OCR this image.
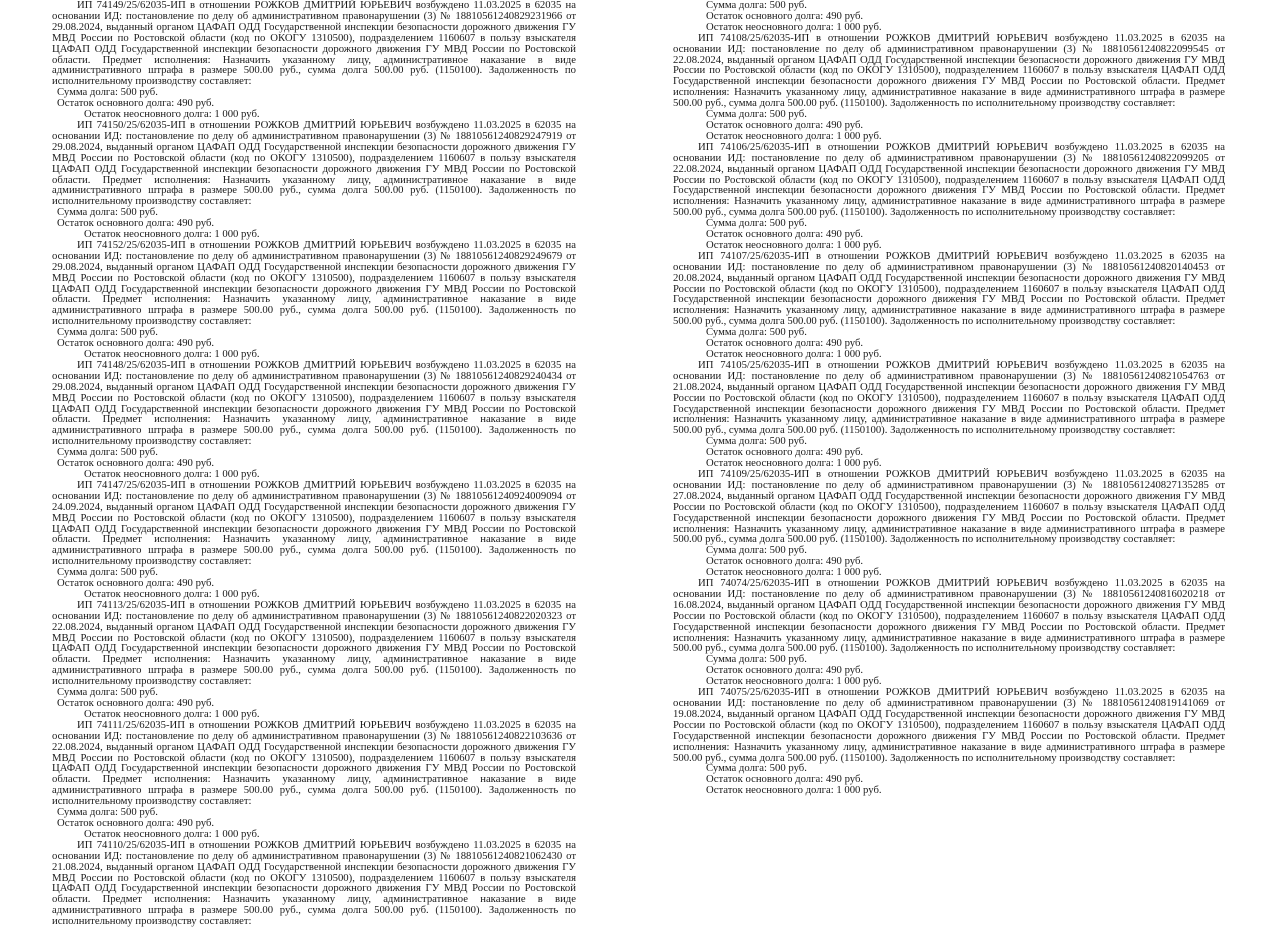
ИП 74149/25/62035-ИП в отношении РОЖКОВ ДМИТРИЙ ЮРЬЕВИЧ возбуждено 11.03.2025 в 62035 на основании ИД: постановление по делу об административном правонарушении (3) № 18810561240829231966 от 29.08.2024, выданный органом ЦАФАП ОДД Государственной инспекции безопасности дорожного движения ГУ МВД России по Ростовской области (код по ОКОГУ 1310500), подразделением 1160607 в пользу взыскателя ЦАФАП ОДД Государственной инспекции безопасности дорожного движения ГУ МВД России по Ростовской области. Предмет исполнения: Назначить указанному лицу, административное наказание в виде административного штрафа в размере 500.00 руб., сумма долга 500.00 руб. (1150100). Задолженность по исполнительному производству составляет:

Сумма долга: 500 руб.

Остаток основного долга: 490 руб.

Остаток неосновного долга: 1 000 руб.

ИП 74150/25/62035-ИП в отношении РОЖКОВ ДМИТРИЙ ЮРЬЕВИЧ возбуждено 11.03.2025 в 62035 на основании ИД: постановление по делу об административном правонарушении (3) № 18810561240829247919 от 29.08.2024, выданный органом ЦАФАП ОДД Государственной инспекции безопасности дорожного движения ГУ МВД России по Ростовской области (код по ОКОГУ 1310500), подразделением 1160607 в пользу взыскателя ЦАФАП ОДД Государственной инспекции безопасности дорожного движения ГУ МВД России по Ростовской области. Предмет исполнения: Назначить указанному лицу, административное наказание в виде административного штрафа в размере 500.00 руб., сумма долга 500.00 руб. (1150100). Задолженность по исполнительному производству составляет:

Сумма долга: 500 руб.

Остаток основного долга: 490 руб.

Остаток неосновного долга: 1 000 руб.

ИП 74152/25/62035-ИП в отношении РОЖКОВ ДМИТРИЙ ЮРЬЕВИЧ возбуждено 11.03.2025 в 62035 на основании ИД: постановление по делу об административном правонарушении (3) № 18810561240829249679 от 29.08.2024, выданный органом ЦАФАП ОДД Государственной инспекции безопасности дорожного движения ГУ МВД России по Ростовской области (код по ОКОГУ 1310500), подразделением 1160607 в пользу взыскателя ЦАФАП ОДД Государственной инспекции безопасности дорожного движения ГУ МВД России по Ростовской области. Предмет исполнения: Назначить указанному лицу, административное наказание в виде административного штрафа в размере 500.00 руб., сумма долга 500.00 руб. (1150100). Задолженность по исполнительному производству составляет:

Сумма долга: 500 руб.

Остаток основного долга: 490 руб.

Остаток неосновного долга: 1 000 руб.

ИП 74148/25/62035-ИП в отношении РОЖКОВ ДМИТРИЙ ЮРЬЕВИЧ возбуждено 11.03.2025 в 62035 на основании ИД: постановление по делу об административном правонарушении (3) № 18810561240829240434 от 29.08.2024, выданный органом ЦАФАП ОДД Государственной инспекции безопасности дорожного движения ГУ МВД России по Ростовской области (код по ОКОГУ 1310500), подразделением 1160607 в пользу взыскателя ЦАФАП ОДД Государственной инспекции безопасности дорожного движения ГУ МВД России по Ростовской области. Предмет исполнения: Назначить указанному лицу, административное наказание в виде административного штрафа в размере 500.00 руб., сумма долга 500.00 руб. (1150100). Задолженность по исполнительному производству составляет:

Сумма долга: 500 руб.

Остаток основного долга: 490 руб.

Остаток неосновного долга: 1 000 руб.

ИП 74147/25/62035-ИП в отношении РОЖКОВ ДМИТРИЙ ЮРЬЕВИЧ возбуждено 11.03.2025 в 62035 на основании ИД: постановление по делу об административном правонарушении (3) № 18810561240924009094 от 24.09.2024, выданный органом ЦАФАП ОДД Государственной инспекции безопасности дорожного движения ГУ МВД России по Ростовской области (код по ОКОГУ 1310500), подразделением 1160607 в пользу взыскателя ЦАФАП ОДД Государственной инспекции безопасности дорожного движения ГУ МВД России по Ростовской области. Предмет исполнения: Назначить указанному лицу, административное наказание в виде административного штрафа в размере 500.00 руб., сумма долга 500.00 руб. (1150100). Задолженность по исполнительному производству составляет:

Сумма долга: 500 руб.

Остаток основного долга: 490 руб.

Остаток неосновного долга: 1 000 руб.

ИП 74113/25/62035-ИП в отношении РОЖКОВ ДМИТРИЙ ЮРЬЕВИЧ возбуждено 11.03.2025 в 62035 на основании ИД: постановление по делу об административном правонарушении (3) № 18810561240822020323 от 22.08.2024, выданный органом ЦАФАП ОДД Государственной инспекции безопасности дорожного движения ГУ МВД России по Ростовской области (код по ОКОГУ 1310500), подразделением 1160607 в пользу взыскателя ЦАФАП ОДД Государственной инспекции безопасности дорожного движения ГУ МВД России по Ростовской области. Предмет исполнения: Назначить указанному лицу, административное наказание в виде административного штрафа в размере 500.00 руб., сумма долга 500.00 руб. (1150100). Задолженность по исполнительному производству составляет:

Сумма долга: 500 руб.

Остаток основного долга: 490 руб.

Остаток неосновного долга: 1 000 руб.

ИП 74111/25/62035-ИП в отношении РОЖКОВ ДМИТРИЙ ЮРЬЕВИЧ возбуждено 11.03.2025 в 62035 на основании ИД: постановление по делу об административном правонарушении (3) № 18810561240822103636 от 22.08.2024, выданный органом ЦАФАП ОДД Государственной инспекции безопасности дорожного движения ГУ МВД России по Ростовской области (код по ОКОГУ 1310500), подразделением 1160607 в пользу взыскателя ЦАФАП ОДД Государственной инспекции безопасности дорожного движения ГУ МВД России по Ростовской области. Предмет исполнения: Назначить указанному лицу, административное наказание в виде административного штрафа в размере 500.00 руб., сумма долга 500.00 руб. (1150100). Задолженность по исполнительному производству составляет:

Сумма долга: 500 руб.

Остаток основного долга: 490 руб.

Остаток неосновного долга: 1 000 руб.

ИП 74110/25/62035-ИП в отношении РОЖКОВ ДМИТРИЙ ЮРЬЕВИЧ возбуждено 11.03.2025 в 62035 на основании ИД: постановление по делу об административном правонарушении (3) № 18810561240821062430 от 21.08.2024, выданный органом ЦАФАП ОДД Государственной инспекции безопасности дорожного движения ГУ МВД России по Ростовской области (код по ОКОГУ 1310500), подразделением 1160607 в пользу взыскателя ЦАФАП ОДД Государственной инспекции безопасности дорожного движения ГУ МВД России по Ростовской области. Предмет исполнения: Назначить указанному лицу, административное наказание в виде административного штрафа в размере 500.00 руб., сумма долга 500.00 руб. (1150100). Задолженность по исполнительному производству составляет:

Сумма долга: 500 руб.

Остаток основного долга: 490 руб.

Остаток неосновного долга: 1 000 руб.

ИП 74108/25/62035-ИП в отношении РОЖКОВ ДМИТРИЙ ЮРЬЕВИЧ возбуждено 11.03.2025 в 62035 на основании ИД: постановление по делу об административном правонарушении (3) № 18810561240822099545 от 22.08.2024, выданный органом ЦАФАП ОДД Государственной инспекции безопасности дорожного движения ГУ МВД России по Ростовской области (код по ОКОГУ 1310500), подразделением 1160607 в пользу взыскателя ЦАФАП ОДД Государственной инспекции безопасности дорожного движения ГУ МВД России по Ростовской области. Предмет исполнения: Назначить указанному лицу, административное наказание в виде административного штрафа в размере 500.00 руб., сумма долга 500.00 руб. (1150100). Задолженность по исполнительному производству составляет:

Сумма долга: 500 руб.

Остаток основного долга: 490 руб.

Остаток неосновного долга: 1 000 руб.

ИП 74106/25/62035-ИП в отношении РОЖКОВ ДМИТРИЙ ЮРЬЕВИЧ возбуждено 11.03.2025 в 62035 на основании ИД: постановление по делу об административном правонарушении (3) № 18810561240822099205 от 22.08.2024, выданный органом ЦАФАП ОДД Государственной инспекции безопасности дорожного движения ГУ МВД России по Ростовской области (код по ОКОГУ 1310500), подразделением 1160607 в пользу взыскателя ЦАФАП ОДД Государственной инспекции безопасности дорожного движения ГУ МВД России по Ростовской области. Предмет исполнения: Назначить указанному лицу, административное наказание в виде административного штрафа в размере 500.00 руб., сумма долга 500.00 руб. (1150100). Задолженность по исполнительному производству составляет:

Сумма долга: 500 руб.

Остаток основного долга: 490 руб.

Остаток неосновного долга: 1 000 руб.

ИП 74107/25/62035-ИП в отношении РОЖКОВ ДМИТРИЙ ЮРЬЕВИЧ возбуждено 11.03.2025 в 62035 на основании ИД: постановление по делу об административном правонарушении (3) № 18810561240820140453 от 20.08.2024, выданный органом ЦАФАП ОДД Государственной инспекции безопасности дорожного движения ГУ МВД России по Ростовской области (код по ОКОГУ 1310500), подразделением 1160607 в пользу взыскателя ЦАФАП ОДД Государственной инспекции безопасности дорожного движения ГУ МВД России по Ростовской области. Предмет исполнения: Назначить указанному лицу, административное наказание в виде административного штрафа в размере 500.00 руб., сумма долга 500.00 руб. (1150100). Задолженность по исполнительному производству составляет:

Сумма долга: 500 руб.

Остаток основного долга: 490 руб.

Остаток неосновного долга: 1 000 руб.

ИП 74105/25/62035-ИП в отношении РОЖКОВ ДМИТРИЙ ЮРЬЕВИЧ возбуждено 11.03.2025 в 62035 на основании ИД: постановление по делу об административном правонарушении (3) № 18810561240821054763 от 21.08.2024, выданный органом ЦАФАП ОДД Государственной инспекции безопасности дорожного движения ГУ МВД России по Ростовской области (код по ОКОГУ 1310500), подразделением 1160607 в пользу взыскателя ЦАФАП ОДД Государственной инспекции безопасности дорожного движения ГУ МВД России по Ростовской области. Предмет исполнения: Назначить указанному лицу, административное наказание в виде административного штрафа в размере 500.00 руб., сумма долга 500.00 руб. (1150100). Задолженность по исполнительному производству составляет:

Сумма долга: 500 руб.

Остаток основного долга: 490 руб.

Остаток неосновного долга: 1 000 руб.

ИП 74109/25/62035-ИП в отношении РОЖКОВ ДМИТРИЙ ЮРЬЕВИЧ возбуждено 11.03.2025 в 62035 на основании ИД: постановление по делу об административном правонарушении (3) № 18810561240827135285 от 27.08.2024, выданный органом ЦАФАП ОДД Государственной инспекции безопасности дорожного движения ГУ МВД России по Ростовской области (код по ОКОГУ 1310500), подразделением 1160607 в пользу взыскателя ЦАФАП ОДД Государственной инспекции безопасности дорожного движения ГУ МВД России по Ростовской области. Предмет исполнения: Назначить указанному лицу, административное наказание в виде административного штрафа в размере 500.00 руб., сумма долга 500.00 руб. (1150100). Задолженность по исполнительному производству составляет:

Сумма долга: 500 руб.

Остаток основного долга: 490 руб.

Остаток неосновного долга: 1 000 руб.

ИП 74074/25/62035-ИП в отношении РОЖКОВ ДМИТРИЙ ЮРЬЕВИЧ возбуждено 11.03.2025 в 62035 на основании ИД: постановление по делу об административном правонарушении (3) № 18810561240816020218 от 16.08.2024, выданный органом ЦАФАП ОДД Государственной инспекции безопасности дорожного движения ГУ МВД России по Ростовской области (код по ОКОГУ 1310500), подразделением 1160607 в пользу взыскателя ЦАФАП ОДД Государственной инспекции безопасности дорожного движения ГУ МВД России по Ростовской области. Предмет исполнения: Назначить указанному лицу, административное наказание в виде административного штрафа в размере 500.00 руб., сумма долга 500.00 руб. (1150100). Задолженность по исполнительному производству составляет:

Сумма долга: 500 руб.

Остаток основного долга: 490 руб.

Остаток неосновного долга: 1 000 руб.

ИП 74075/25/62035-ИП в отношении РОЖКОВ ДМИТРИЙ ЮРЬЕВИЧ возбуждено 11.03.2025 в 62035 на основании ИД: постановление по делу об административном правонарушении (3) № 18810561240819141069 от 19.08.2024, выданный органом ЦАФАП ОДД Государственной инспекции безопасности дорожного движения ГУ МВД России по Ростовской области (код по ОКОГУ 1310500), подразделением 1160607 в пользу взыскателя ЦАФАП ОДД Государственной инспекции безопасности дорожного движения ГУ МВД России по Ростовской области. Предмет исполнения: Назначить указанному лицу, административное наказание в виде административного штрафа в размере 500.00 руб., сумма долга 500.00 руб. (1150100). Задолженность по исполнительному производству составляет:

Сумма долга: 500 руб.

Остаток основного долга: 490 руб.

Остаток неосновного долга: 1 000 руб.
